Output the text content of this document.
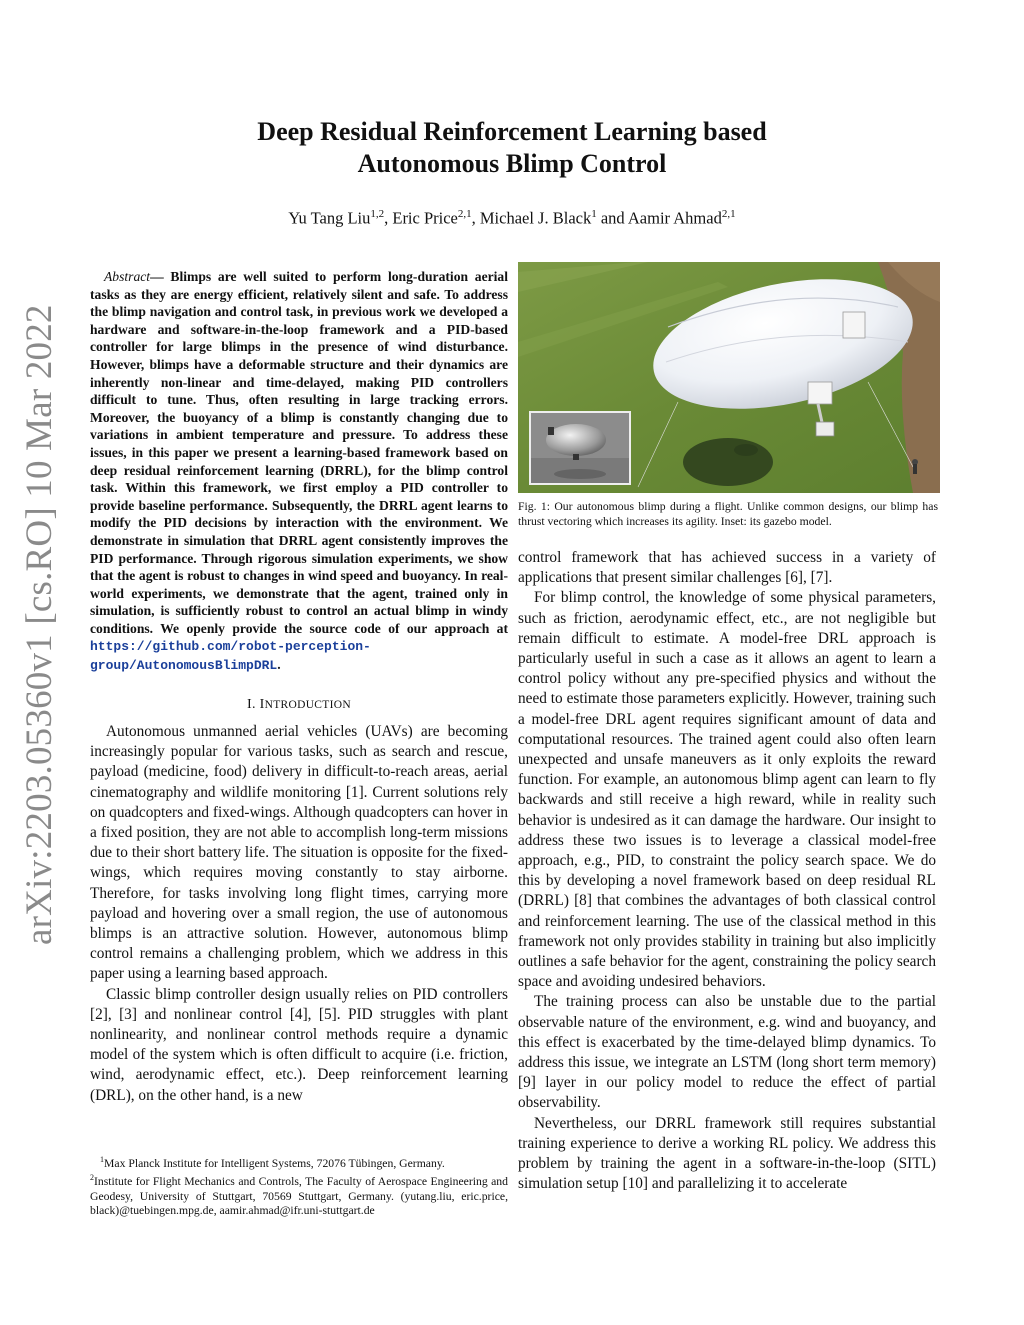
arXiv:2203.05360v1 [cs.RO] 10 Mar 2022
Deep Residual Reinforcement Learning based
Autonomous Blimp Control
Yu Tang Liu$^{1,2}$, Eric Price$^{2,1}$, Michael J. Black$^1$ and Aamir Ahmad$^{2,1}$
Abstract— Blimps are well suited to perform long-duration aerial tasks as they are energy efficient, relatively silent and safe. To address the blimp navigation and control task, in previous work we developed a hardware and software-in-the-loop framework and a PID-based controller for large blimps in the presence of wind disturbance. However, blimps have a deformable structure and their dynamics are inherently non-linear and time-delayed, making PID controllers difficult to tune. Thus, often resulting in large tracking errors. Moreover, the buoyancy of a blimp is constantly changing due to variations in ambient temperature and pressure. To address these issues, in this paper we present a learning-based framework based on deep residual reinforcement learning (DRRL), for the blimp control task. Within this framework, we first employ a PID controller to provide baseline performance. Subsequently, the DRRL agent learns to modify the PID decisions by interaction with the environment. We demonstrate in simulation that DRRL agent consistently improves the PID performance. Through rigorous simulation experiments, we show that the agent is robust to changes in wind speed and buoyancy. In real-world experiments, we demonstrate that the agent, trained only in simulation, is sufficiently robust to control an actual blimp in windy conditions. We openly provide the source code of our approach at https://github.com/robot-perception-group/AutonomousBlimpDRL.
I. INTRODUCTION

Autonomous unmanned aerial vehicles (UAVs) are becoming increasingly popular for various tasks, such as search and rescue, payload (medicine, food) delivery in difficult-to-reach areas, aerial cinematography and wildlife monitoring [1]. Current solutions rely on quadcopters and fixed-wings. Although quadcopters can hover in a fixed position, they are not able to accomplish long-term missions due to their short battery life. The situation is opposite for the fixed-wings, which requires moving constantly to stay airborne. Therefore, for tasks involving long flight times, carrying more payload and hovering over a small region, the use of autonomous blimps is an attractive solution. However, autonomous blimp control remains a challenging problem, which we address in this paper using a learning based approach.

Classic blimp controller design usually relies on PID controllers [2], [3] and nonlinear control [4], [5]. PID struggles with plant nonlinearity, and nonlinear control methods require a dynamic model of the system which is often difficult to acquire (i.e. friction, wind, aerodynamic effect, etc.). Deep reinforcement learning (DRL), on the other hand, is a new

$^1$Max Planck Institute for Intelligent Systems, 72076 Tübingen, Germany.

$^2$Institute for Flight Mechanics and Controls, The Faculty of Aerospace Engineering and Geodesy, University of Stuttgart, 70569 Stuttgart, Germany. (yutang.liu, eric.price, black)@tuebingen.mpg.de, aamir.ahmad@ifr.uni-stuttgart.de

Fig. 1: Our autonomous blimp during a flight. Unlike common designs, our blimp has thrust vectoring which increases its agility. Inset: its gazebo model.

control framework that has achieved success in a variety of applications that present similar challenges [6], [7].

For blimp control, the knowledge of some physical parameters, such as friction, aerodynamic effect, etc., are not negligible but remain difficult to estimate. A model-free DRL approach is particularly useful in such a case as it allows an agent to learn a control policy without any pre-specified physics and without the need to estimate those parameters explicitly. However, training such a model-free DRL agent requires significant amount of data and computational resources. The trained agent could also often learn unexpected and unsafe maneuvers as it only exploits the reward function. For example, an autonomous blimp agent can learn to fly backwards and still receive a high reward, while in reality such behavior is undesired as it can damage the hardware. Our insight to address these two issues is to leverage a classical model-free approach, e.g., PID, to constraint the policy search space. We do this by developing a novel framework based on deep residual RL (DRRL) [8] that combines the advantages of both classical control and reinforcement learning. The use of the classical method in this framework not only provides stability in training but also implicitly outlines a safe behavior for the agent, constraining the policy search space and avoiding undesired behaviors.

The training process can also be unstable due to the partial observable nature of the environment, e.g. wind and buoyancy, and this effect is exacerbated by the time-delayed blimp dynamics. To address this issue, we integrate an LSTM (long short term memory) [9] layer in our policy model to reduce the effect of partial observability.

Nevertheless, our DRRL framework still requires substantial training experience to derive a working RL policy. We address this problem by training the agent in a software-in-the-loop (SITL) simulation setup [10] and parallelizing it to accelerate
